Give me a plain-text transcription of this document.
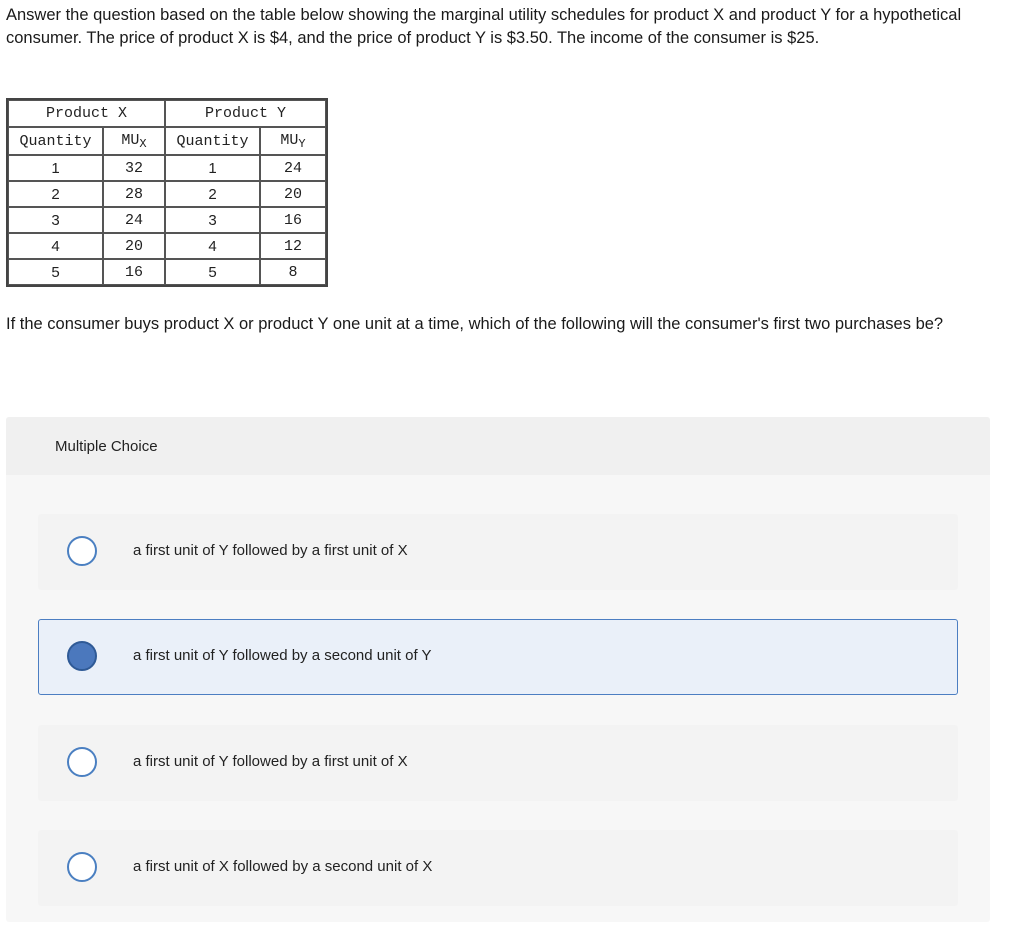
Answer the question based on the table below showing the marginal utility schedules for product X and product Y for a hypothetical consumer. The price of product X is $4, and the price of product Y is $3.50. The income of the consumer is $25.

Product X		Product Y	
Quantity	$MU_X$	Quantity	$MU_Y$
1	32	1	24
2	28	2	20
3	24	3	16
4	20	4	12
5	16	5	8

If the consumer buys product X or product Y one unit at a time, which of the following will the consumer's first two purchases be?

Multiple Choice
a first unit of Y followed by a first unit of X
a first unit of Y followed by a second unit of Y
a first unit of Y followed by a first unit of X
a first unit of X followed by a second unit of X
